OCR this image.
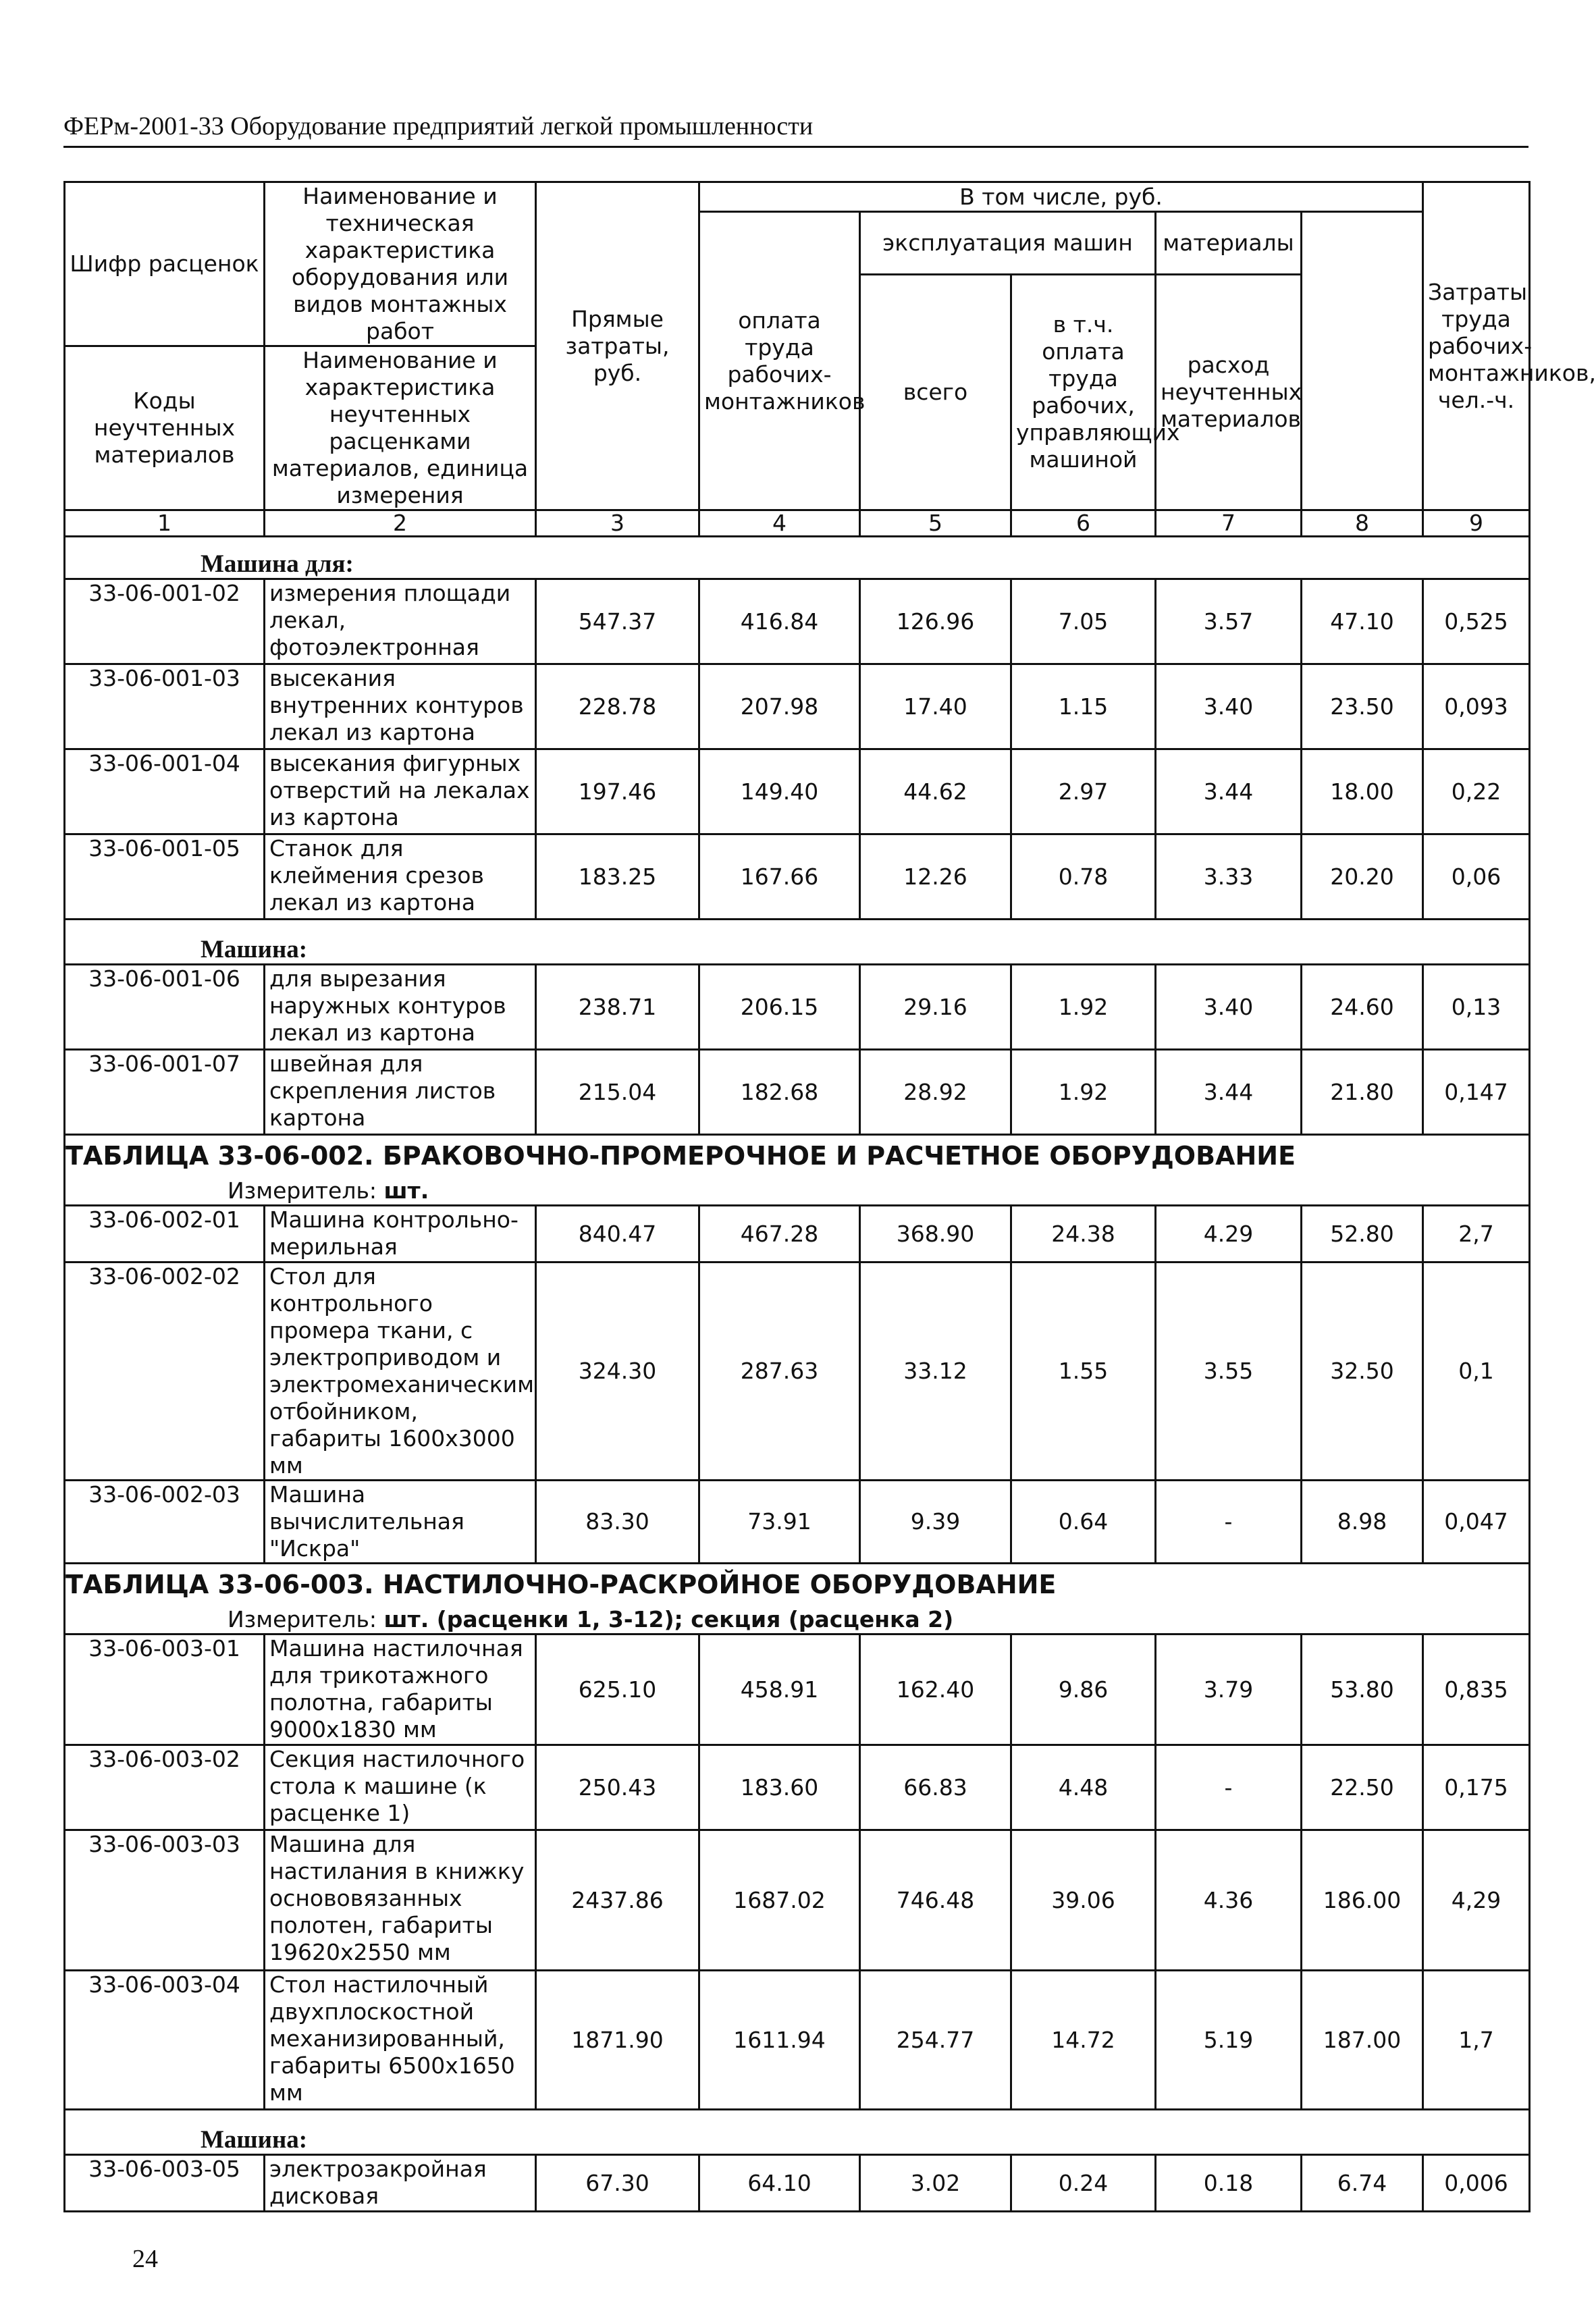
ФЕРм-2001-33 Оборудование предприятий легкой промышленности
Шифр расценок	Наименование и техническая характеристика оборудования или видов монтажных работ	Прямые затраты, руб.	В том числе, руб.					Затраты труда рабочих-монтажников, чел.-ч.	
			оплата труда рабочих-монтажников	эксплуатация машин		материалы			
				всего	в т.ч. оплата труда рабочих, управляющих машиной	расход неучтенных материалов			
Коды неучтенных материалов	Наименование и характеристика неучтенных расценками материалов, единица измерения								

1	2	3	4	5	6	7	8	9	
Машина для:									
33-06-001-02	измерения площади лекал, фотоэлектронная	547.37	416.84	126.96	7.05	3.57	47.10	0,525	
33-06-001-03	высекания внутренних контуров лекал из картона	228.78	207.98	17.40	1.15	3.40	23.50	0,093	
33-06-001-04	высекания фигурных отверстий на лекалах из картона	197.46	149.40	44.62	2.97	3.44	18.00	0,22	
33-06-001-05	Станок для клеймения срезов лекал из картона	183.25	167.66	12.26	0.78	3.33	20.20	0,06	
Машина:									
33-06-001-06	для вырезания наружных контуров лекал из картона	238.71	206.15	29.16	1.92	3.40	24.60	0,13	
33-06-001-07	швейная для скрепления листов картона	215.04	182.68	28.92	1.92	3.44	21.80	0,147	
ТАБЛИЦА 33-06-002. БРАКОВОЧНО-ПРОМЕРОЧНОЕ И РАСЧЕТНОЕ ОБОРУДОВАНИЕ									
Измеритель: шт.									
33-06-002-01	Машина контрольно-мерильная	840.47	467.28	368.90	24.38	4.29	52.80	2,7	
33-06-002-02	Стол для контрольного промера ткани, с электроприводом и электромеханическим отбойником, габариты 1600х3000 мм	324.30	287.63	33.12	1.55	3.55	32.50	0,1	
33-06-002-03	Машина вычислительная "Искра"	83.30	73.91	9.39	0.64	-	8.98	0,047	
ТАБЛИЦА 33-06-003. НАСТИЛОЧНО-РАСКРОЙНОЕ ОБОРУДОВАНИЕ									
Измеритель: шт. (расценки 1, 3-12); секция (расценка 2)									
33-06-003-01	Машина настилочная для трикотажного полотна, габариты 9000х1830 мм	625.10	458.91	162.40	9.86	3.79	53.80	0,835	
33-06-003-02	Секция настилочного стола к машине (к расценке 1)	250.43	183.60	66.83	4.48	-	22.50	0,175	
33-06-003-03	Машина для настилания в книжку основовязанных полотен, габариты 19620х2550 мм	2437.86	1687.02	746.48	39.06	4.36	186.00	4,29	
33-06-003-04	Стол настилочный двухплоскостной механизированный, габариты 6500х1650 мм	1871.90	1611.94	254.77	14.72	5.19	187.00	1,7	
Машина:									
33-06-003-05	электрозакройная дисковая	67.30	64.10	3.02	0.24	0.18	6.74	0,006	
24
